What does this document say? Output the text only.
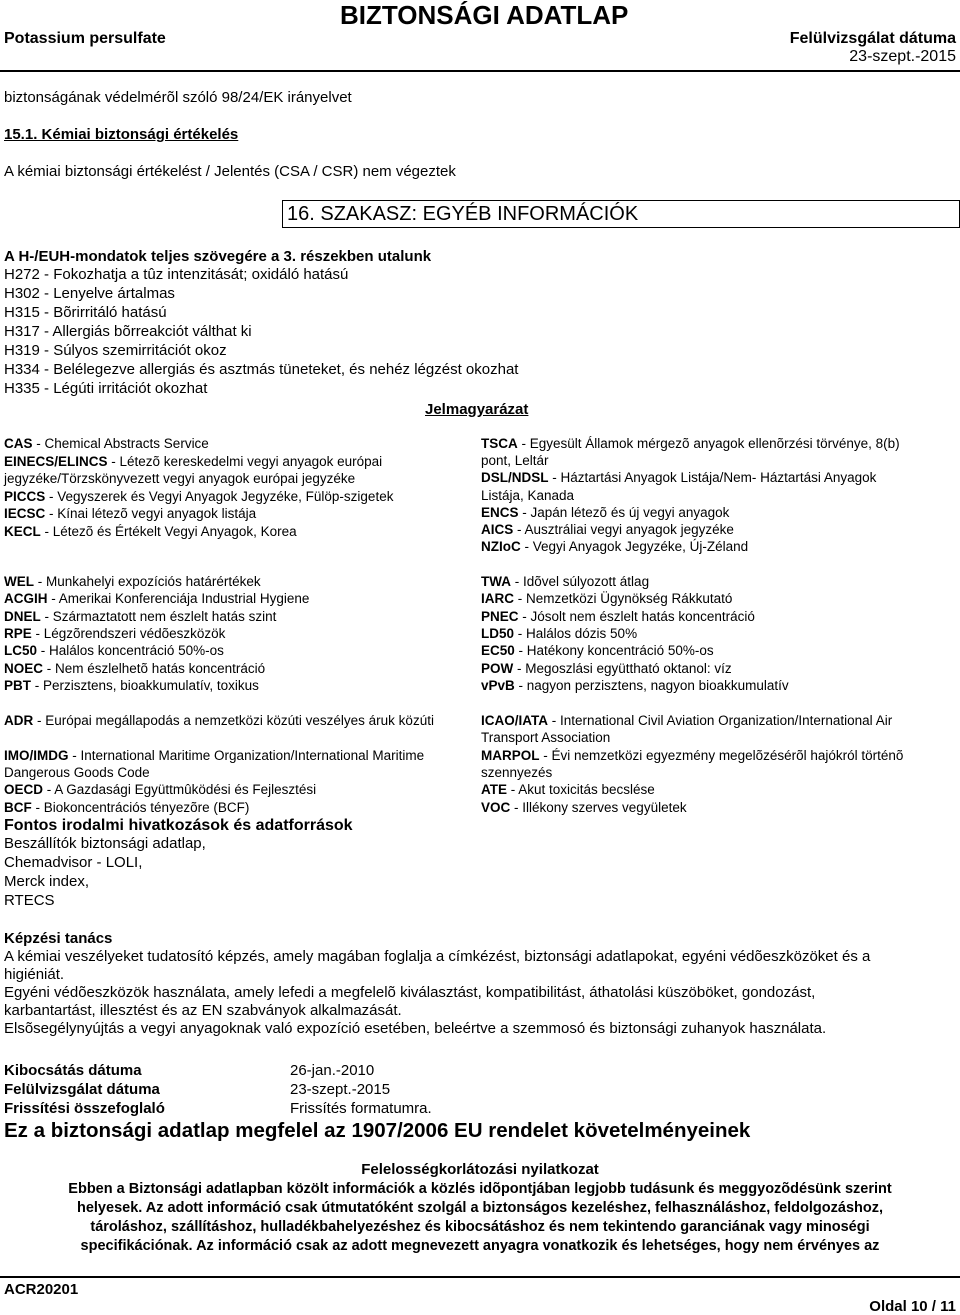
Potassium persulfate
BIZTONSÁGI ADATLAP
Felülvizsgálat dátuma
23-szept.-2015
biztonságának védelmérõl szóló 98/24/EK irányelvet
15.1. Kémiai biztonsági értékelés
A kémiai biztonsági értékelést / Jelentés (CSA / CSR) nem végeztek
16. SZAKASZ: EGYÉB INFORMÁCIÓK
A H-/EUH-mondatok teljes szövegére a 3. részekben utalunk
H272 - Fokozhatja a tûz intenzitását; oxidáló hatású
H302 - Lenyelve ártalmas
H315 - Bõrirritáló hatású
H317 - Allergiás bõrreakciót válthat ki
H319 - Súlyos szemirritációt okoz
H334 - Belélegezve allergiás és asztmás tüneteket, és nehéz légzést okozhat
H335 - Légúti irritációt okozhat
Jelmagyarázat
CAS - Chemical Abstracts Service
EINECS/ELINCS - Létezõ kereskedelmi vegyi anyagok európai
jegyzéke/Törzskönyvezett vegyi anyagok európai jegyzéke
PICCS - Vegyszerek és Vegyi Anyagok Jegyzéke, Fülöp-szigetek
IECSC - Kínai létezõ vegyi anyagok listája
KECL - Létezõ és Értékelt Vegyi Anyagok, Korea
TSCA - Egyesült Államok mérgezõ anyagok ellenõrzési törvénye, 8(b)
pont, Leltár
DSL/NDSL - Háztartási Anyagok Listája/Nem- Háztartási Anyagok
Listája, Kanada
ENCS - Japán létezõ és új vegyi anyagok
AICS - Ausztráliai vegyi anyagok jegyzéke
NZIoC - Vegyi Anyagok Jegyzéke, Új-Zéland
WEL - Munkahelyi expozíciós határértékek
ACGIH - Amerikai Konferenciája Industrial Hygiene
DNEL - Származtatott nem észlelt hatás szint
RPE - Légzõrendszeri védõeszközök
LC50 - Halálos koncentráció 50%-os
NOEC - Nem észlelhetõ hatás koncentráció
PBT - Perzisztens, bioakkumulatív, toxikus
TWA - Idõvel súlyozott átlag
IARC - Nemzetközi Ügynökség Rákkutató
PNEC - Jósolt nem észlelt hatás koncentráció
LD50 - Halálos dózis 50%
EC50 - Hatékony koncentráció 50%-os
POW - Megoszlási együttható oktanol: víz
vPvB - nagyon perzisztens, nagyon bioakkumulatív
ADR - Európai megállapodás a nemzetközi közúti veszélyes áruk közúti
IMO/IMDG - International Maritime Organization/International Maritime
Dangerous Goods Code
OECD - A Gazdasági Együttmûködési és Fejlesztési
BCF - Biokoncentrációs tényezõre (BCF)
ICAO/IATA - International Civil Aviation Organization/International Air
Transport Association
MARPOL - Évi nemzetközi egyezmény megelõzésérõl hajókról történõ
szennyezés
ATE - Akut toxicitás becslése
VOC - Illékony szerves vegyületek
Fontos irodalmi hivatkozások és adatforrások
Beszállítók biztonsági adatlap,
Chemadvisor - LOLI,
Merck index,
RTECS
Képzési tanács
A kémiai veszélyeket tudatosító képzés, amely magában foglalja a címkézést, biztonsági adatlapokat, egyéni védõeszközöket és a
higiéniát.
Egyéni védõeszközök használata, amely lefedi a megfelelõ kiválasztást, kompatibilitást, áthatolási küszöböket, gondozást,
karbantartást, illesztést és az EN szabványok alkalmazását.
Elsõsegélynyújtás a vegyi anyagoknak való expozíció esetében, beleértve a szemmosó és biztonsági zuhanyok használata.
Kibocsátás dátuma	26-jan.-2010
Felülvizsgálat dátuma	23-szept.-2015
Frissítési összefoglaló	Frissítés formatumra.
Ez a biztonsági adatlap megfelel az 1907/2006 EU rendelet követelményeinek
Felelosségkorlátozási nyilatkozat
Ebben a Biztonsági adatlapban közölt információk a közlés idõpontjában legjobb tudásunk és meggyozõdésünk szerint
helyesek. Az adott információ csak útmutatóként szolgál a biztonságos kezeléshez, felhasználáshoz, feldolgozáshoz,
tároláshoz, szállításhoz, hulladékbahelyezéshez és kibocsátáshoz és nem tekintendo garanciának vagy minoségi
specifikációnak. Az információ csak az adott megnevezett anyagra vonatkozik és lehetséges, hogy nem érvényes az
ACR20201
Oldal 10 / 11
